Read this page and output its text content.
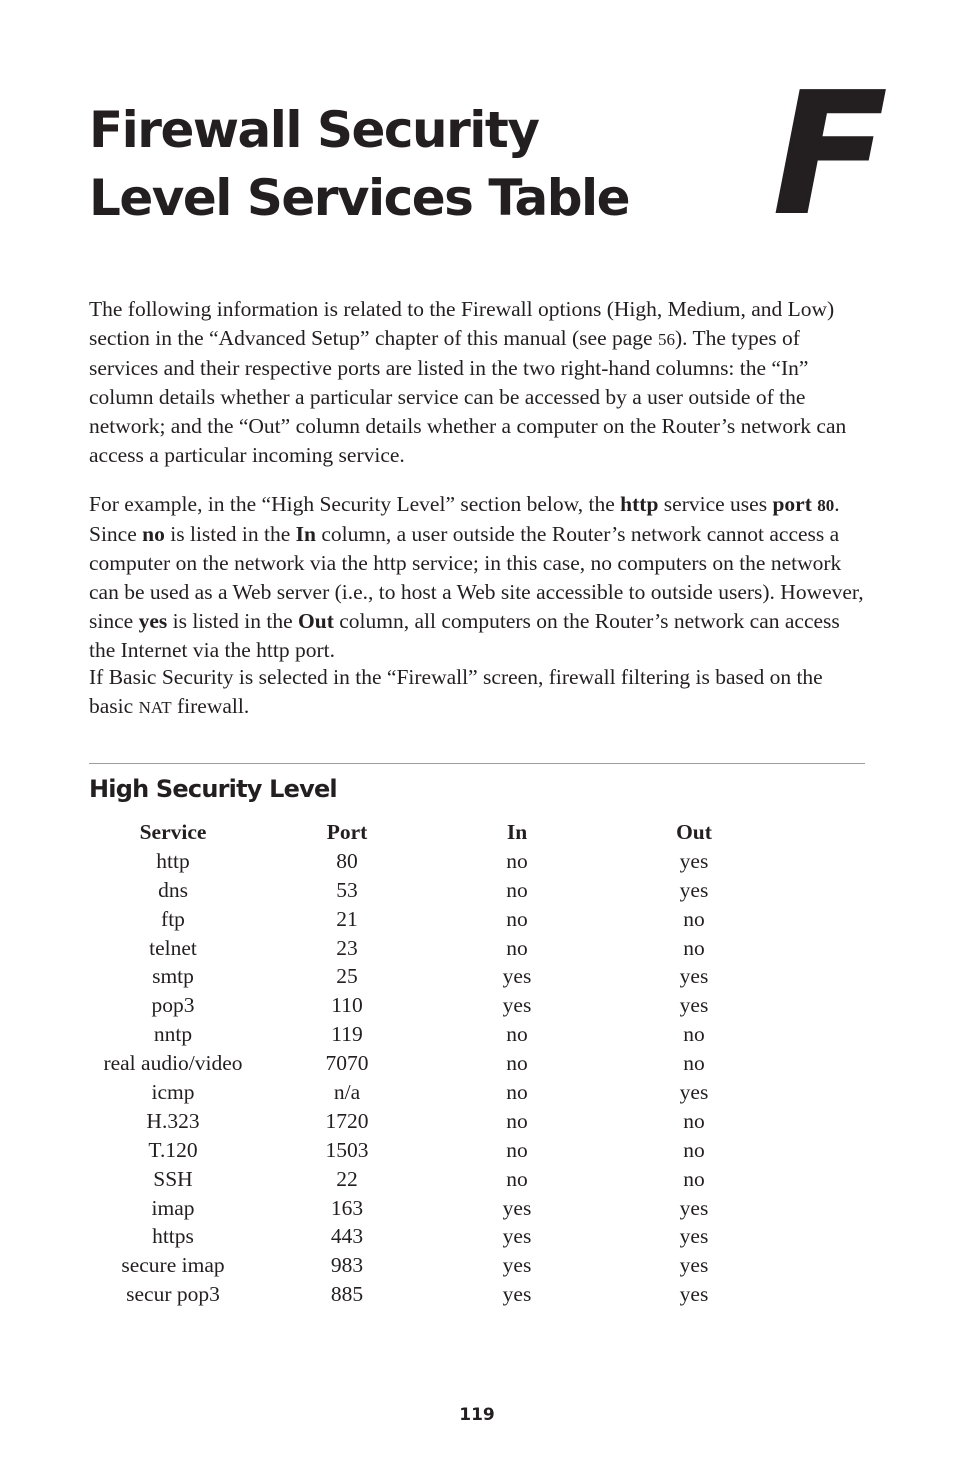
Firewall Security
Level Services Table F

The following information is related to the Firewall options (High, Medium, and Low) section in the “Advanced Setup” chapter of this manual (see page 56). The types of services and their respective ports are listed in the two right-hand columns: the “In” column details whether a particular service can be accessed by a user outside of the network; and the “Out” column details whether a computer on the Router’s network can access a particular incoming service.

For example, in the “High Security Level” section below, the http service uses port 80. Since no is listed in the In column, a user outside the Router’s network cannot access a computer on the network via the http service; in this case, no computers on the network can be used as a Web server (i.e., to host a Web site accessible to outside users). However, since yes is listed in the Out column, all computers on the Router’s network can access the Internet via the http port.

If Basic Security is selected in the “Firewall” screen, firewall filtering is based on the basic NAT firewall.

High Security Level
Service	Port	In	Out
http	80	no	yes
dns	53	no	yes
ftp	21	no	no
telnet	23	no	no
smtp	25	yes	yes
pop3	110	yes	yes
nntp	119	no	no
real audio/video	7070	no	no
icmp	n/a	no	yes
H.323	1720	no	no
T.120	1503	no	no
SSH	22	no	no
imap	163	yes	yes
https	443	yes	yes
secure imap	983	yes	yes
secur pop3	885	yes	yes
119
